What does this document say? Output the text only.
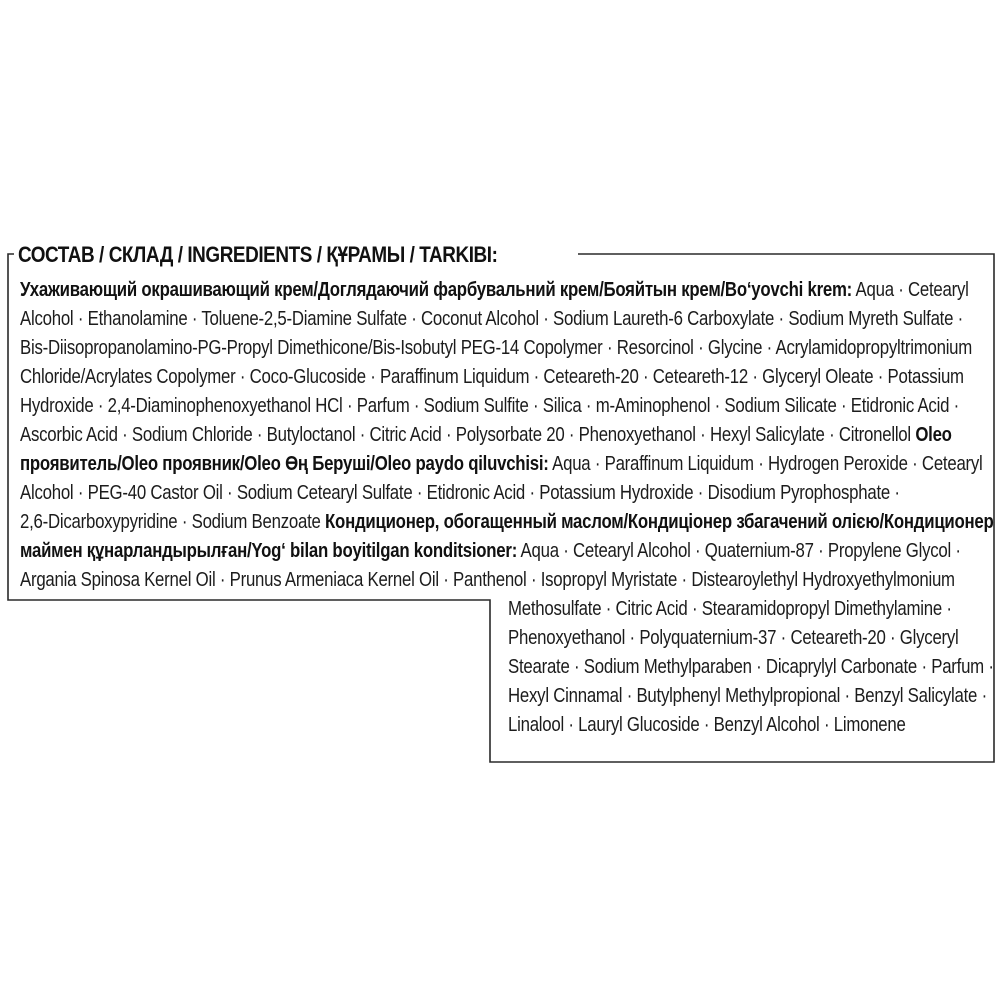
СОСТАВ / СКЛАД / INGREDIENTS / ҚҰРАМЫ / TARKIBI:
Ухаживающий окрашивающий крем/Доглядаючий фарбувальний крем/Бояйтын крем/Bo‘yovchi krem: Aqua · Cetearyl
Alcohol · Ethanolamine · Toluene-2,5-Diamine Sulfate · Coconut Alcohol · Sodium Laureth-6 Carboxylate · Sodium Myreth Sulfate ·
Bis-Diisopropanolamino-PG-Propyl Dimethicone/Bis-Isobutyl PEG-14 Copolymer · Resorcinol · Glycine · Acrylamidopropyltrimonium
Chloride/Acrylates Copolymer · Coco-Glucoside · Paraffinum Liquidum · Ceteareth-20 · Ceteareth-12 · Glyceryl Oleate · Potassium
Hydroxide · 2,4-Diaminophenoxyethanol HCl · Parfum · Sodium Sulfite · Silica · m-Aminophenol · Sodium Silicate · Etidronic Acid ·
Ascorbic Acid · Sodium Chloride · Butyloctanol · Citric Acid · Polysorbate 20 · Phenoxyethanol · Hexyl Salicylate · Citronellol Oleo
проявитель/Oleo проявник/Oleo Өң Беруші/Oleo paydo qiluvchisi: Aqua · Paraffinum Liquidum · Hydrogen Peroxide · Cetearyl
Alcohol · PEG-40 Castor Oil · Sodium Cetearyl Sulfate · Etidronic Acid · Potassium Hydroxide · Disodium Pyrophosphate ·
2,6-Dicarboxypyridine · Sodium Benzoate Кондиционер, обогащенный маслом/Кондиціонер збагачений олією/Кондиционер
маймен құнарландырылған/Yog‘ bilan boyitilgan konditsioner: Aqua · Cetearyl Alcohol · Quaternium-87 · Propylene Glycol ·
Argania Spinosa Kernel Oil · Prunus Armeniaca Kernel Oil · Panthenol · Isopropyl Myristate · Distearoylethyl Hydroxyethylmonium
Methosulfate · Citric Acid · Stearamidopropyl Dimethylamine ·
Phenoxyethanol · Polyquaternium-37 · Ceteareth-20 · Glyceryl
Stearate · Sodium Methylparaben · Dicaprylyl Carbonate · Parfum ·
Hexyl Cinnamal · Butylphenyl Methylpropional · Benzyl Salicylate ·
Linalool · Lauryl Glucoside · Benzyl Alcohol · Limonene
